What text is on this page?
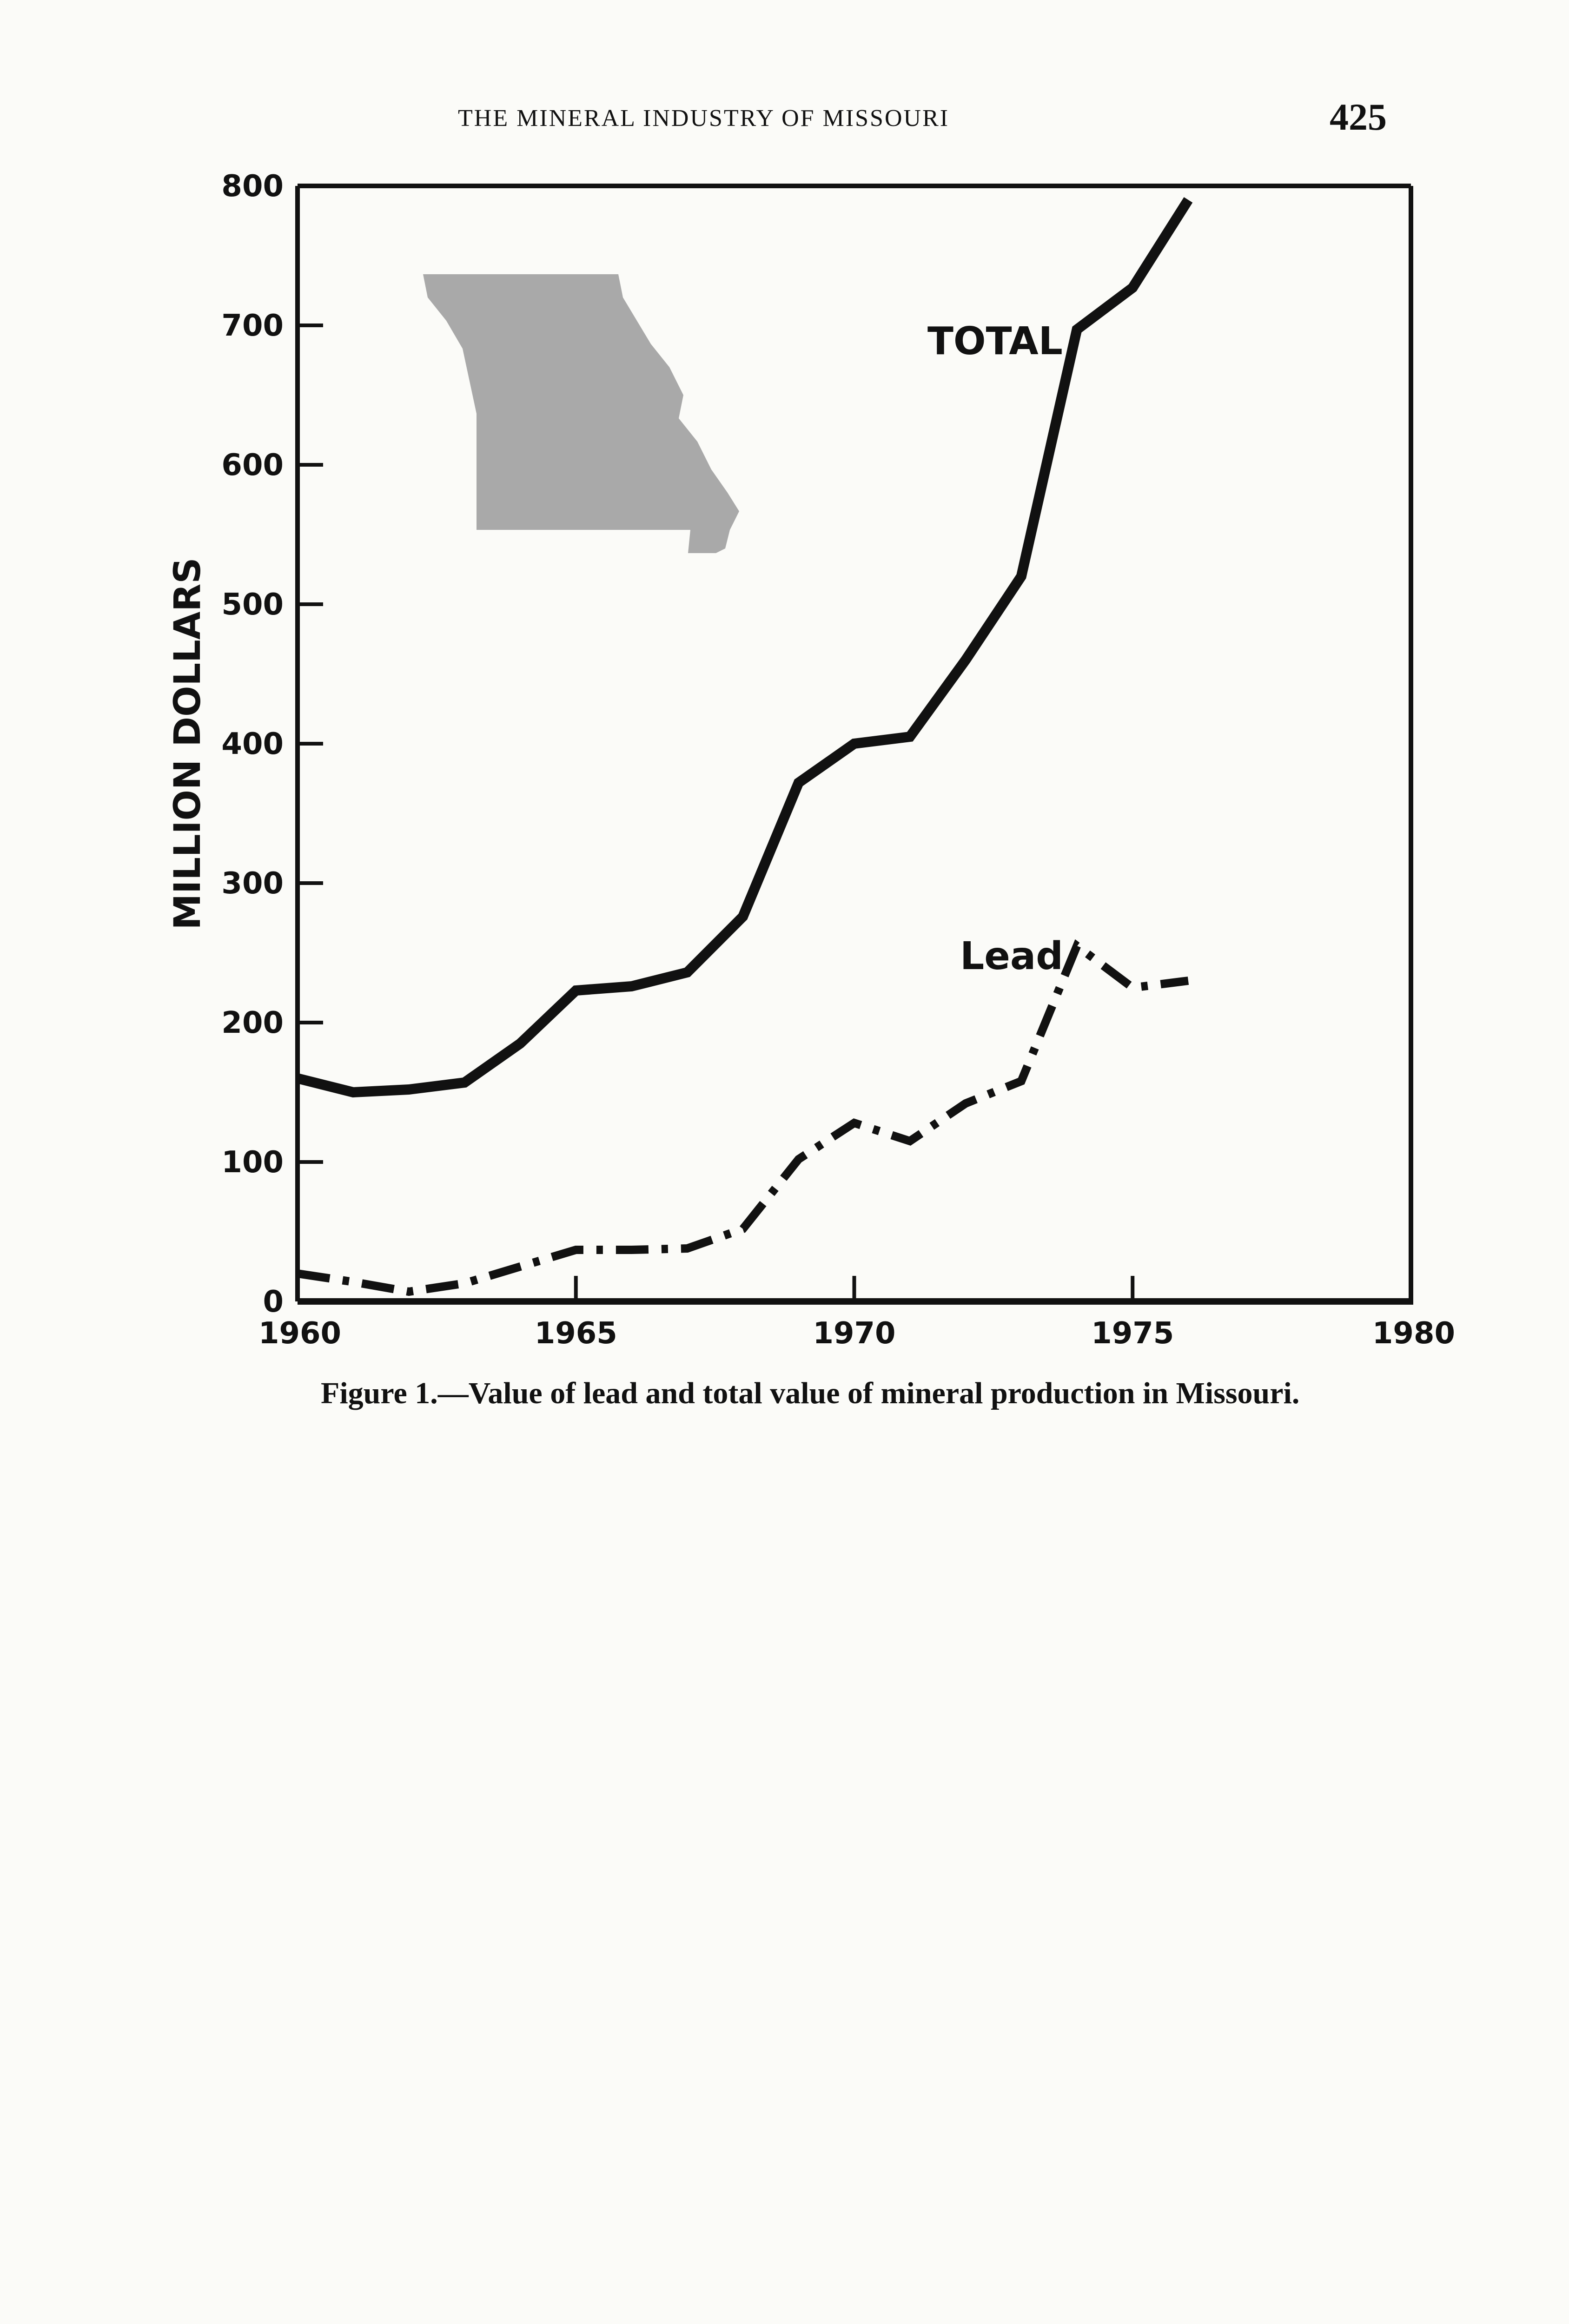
THE MINERAL INDUSTRY OF MISSOURI	425
0
100
200
300
400
500
600
700
800
1960	1965	1970	1975	1980
MILLION DOLLARS
TOTAL
Lead
Figure 1.—Value of lead and total value of mineral production in Missouri.
